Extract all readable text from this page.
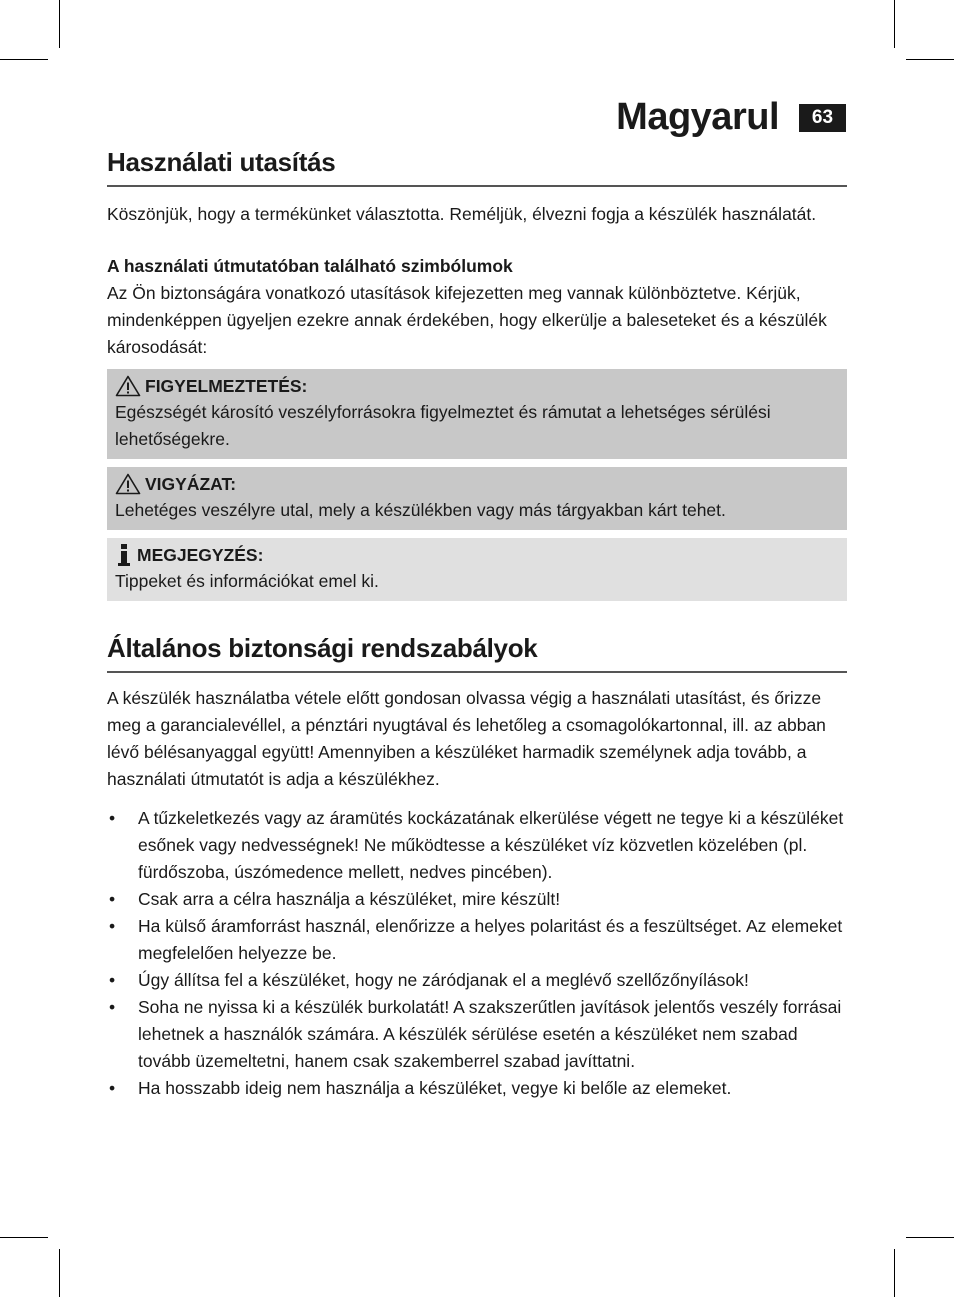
Magyarul	63
Használati utasítás

Köszönjük, hogy a termékünket választotta. Reméljük, élvezni fogja a készülék használatát.

A használati útmutatóban található szimbólumok

Az Ön biztonságára vonatkozó utasítások kifejezetten meg vannak különböztetve. Kérjük, mindenképpen ügyeljen ezekre annak érdekében, hogy elkerülje a baleseteket és a készülék károsodását:

FIGYELMEZTETÉS:

Egészségét károsító veszélyforrásokra figyelmeztet és rámutat a lehetséges sérülési lehetőségekre.

VIGYÁZAT:

Lehetéges veszélyre utal, mely a készülékben vagy más tárgyakban kárt tehet.

MEGJEGYZÉS:

Tippeket és információkat emel ki.

Általános biztonsági rendszabályok

A készülék használatba vétele előtt gondosan olvassa végig a használati utasítást, és őrizze meg a garancialevéllel, a pénztári nyugtával és lehetőleg a csomagolókartonnal, ill. az abban lévő bélésanyaggal együtt! Amennyiben a készüléket harmadik személynek adja tovább, a használati útmutatót is adja a készülékhez.

• A tűzkeletkezés vagy az áramütés kockázatának elkerülése végett ne tegye ki a készüléket esőnek vagy nedvességnek! Ne működtesse a készüléket víz közvetlen közelében (pl. fürdőszoba, úszómedence mellett, nedves pincében).
• Csak arra a célra használja a készüléket, mire készült!
• Ha külső áramforrást használ, elenőrizze a helyes polaritást és a feszültséget. Az elemeket megfelelően helyezze be.
• Úgy állítsa fel a készüléket, hogy ne záródjanak el a meglévő szellőzőnyílások!
• Soha ne nyissa ki a készülék burkolatát! A szakszerűtlen javítások jelentős veszély forrásai lehetnek a használók számára. A készülék sérülése esetén a készüléket nem szabad tovább üzemeltetni, hanem csak szakemberrel szabad javíttatni.
• Ha hosszabb ideig nem használja a készüléket, vegye ki belőle az elemeket.
